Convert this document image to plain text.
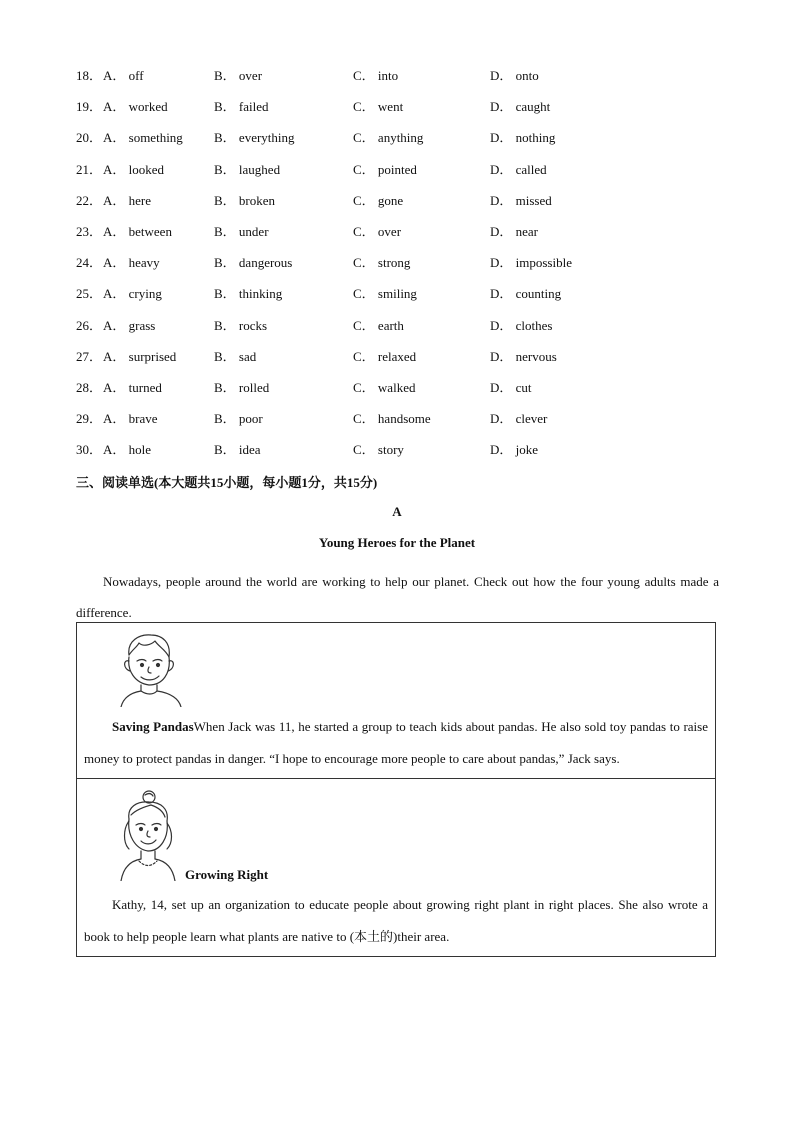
18． A． off	B． over	C． into	D． onto
19． A． worked	B． failed	C． went	D． caught
20． A． something B． everything	C． anything	D． nothing
21． A． looked	B． laughed	C． pointed	D． called
22． A． here	B． broken	C． gone	D． missed
23． A． between	B． under	C． over	D． near
24． A． heavy	B． dangerous	C． strong	D． impossible
25． A． crying	B． thinking	C． smiling	D． counting
26． A． grass	B． rocks	C． earth	D． clothes
27． A． surprised	B． sad	C． relaxed	D． nervous
28． A． turned	B． rolled	C． walked	D． cut
29． A． brave	B． poor	C． handsome	D． clever
30． A． hole	B． idea	C． story	D． joke
三、阅读单选(本大题共15小题，每小题1分，共15分)
A
Young Heroes for the Planet
Nowadays, people around the world are working to help our planet. Check out how the four young adults made a difference.
Saving PandasWhen Jack was 11, he started a group to teach kids about pandas. He also sold toy pandas to raise money to protect pandas in danger. “I hope to encourage more people to care about pandas,” Jack says.
Growing Right
Kathy, 14, set up an organization to educate people about growing right plant in right places. She also wrote a book to help people learn what plants are native to (本土的)their area.
